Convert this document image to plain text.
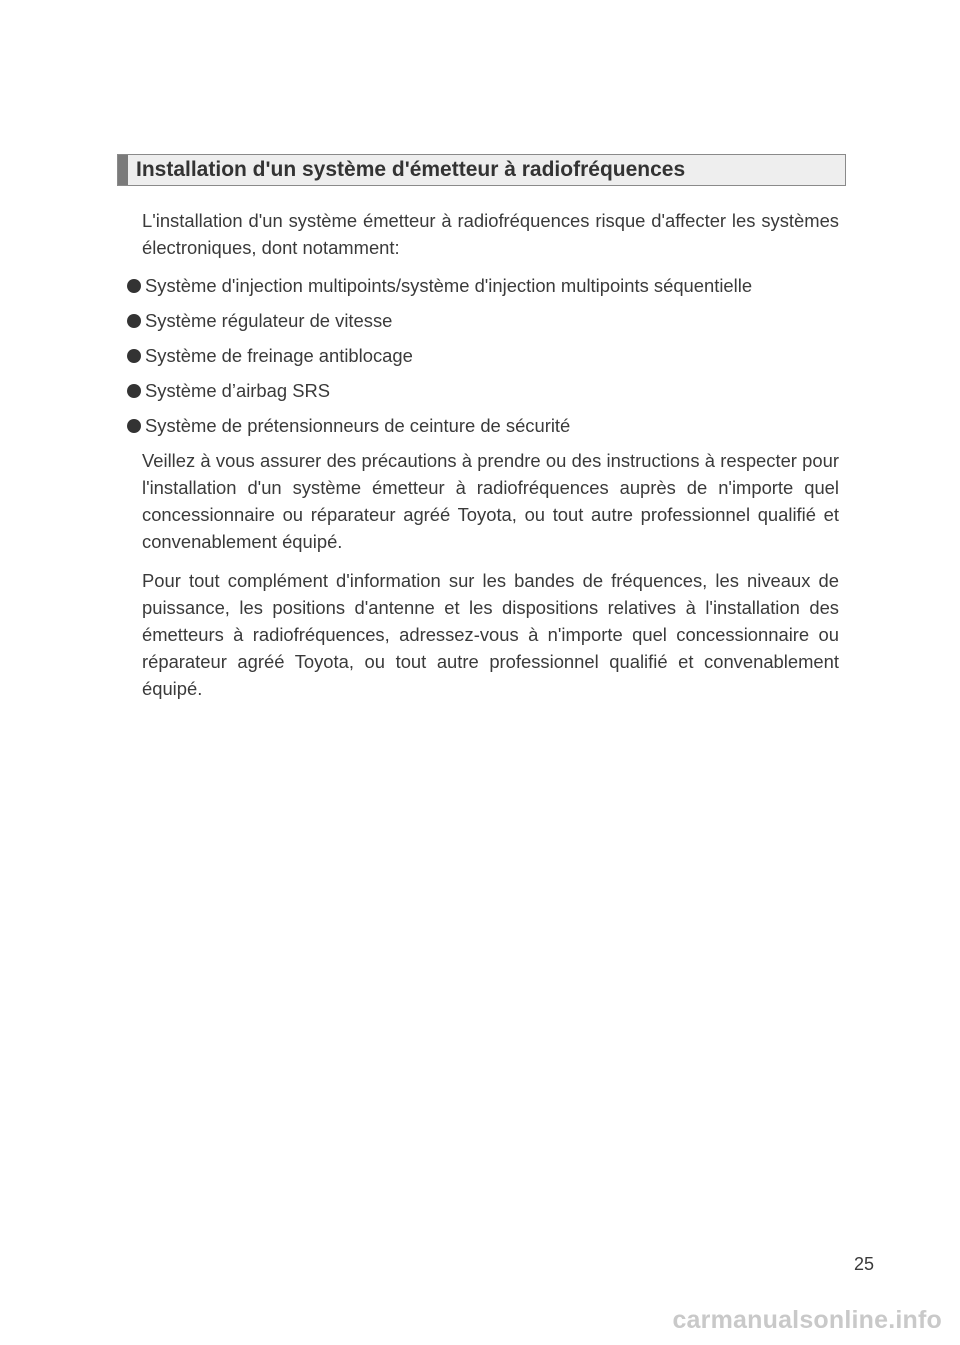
Installation d'un système d'émetteur à radiofréquences
L'installation d'un système émetteur à radiofréquences risque d'affecter les systèmes électroniques, dont notamment:
Système d'injection multipoints/système d'injection multipoints séquentielle
Système régulateur de vitesse
Système de freinage antiblocage
Système d’airbag SRS
Système de prétensionneurs de ceinture de sécurité
Veillez à vous assurer des précautions à prendre ou des instructions à respecter pour l'installation d'un système émetteur à radiofréquences auprès de n'importe quel concessionnaire ou réparateur agréé Toyota, ou tout autre professionnel qualifié et convenablement équipé.
Pour tout complément d'information sur les bandes de fréquences, les niveaux de puissance, les positions d'antenne et les dispositions relatives à l'installation des émetteurs à radiofréquences, adressez-vous à n'importe quel concessionnaire ou réparateur agréé Toyota, ou tout autre professionnel qualifié et convenablement équipé.
25
carmanualsonline.info
